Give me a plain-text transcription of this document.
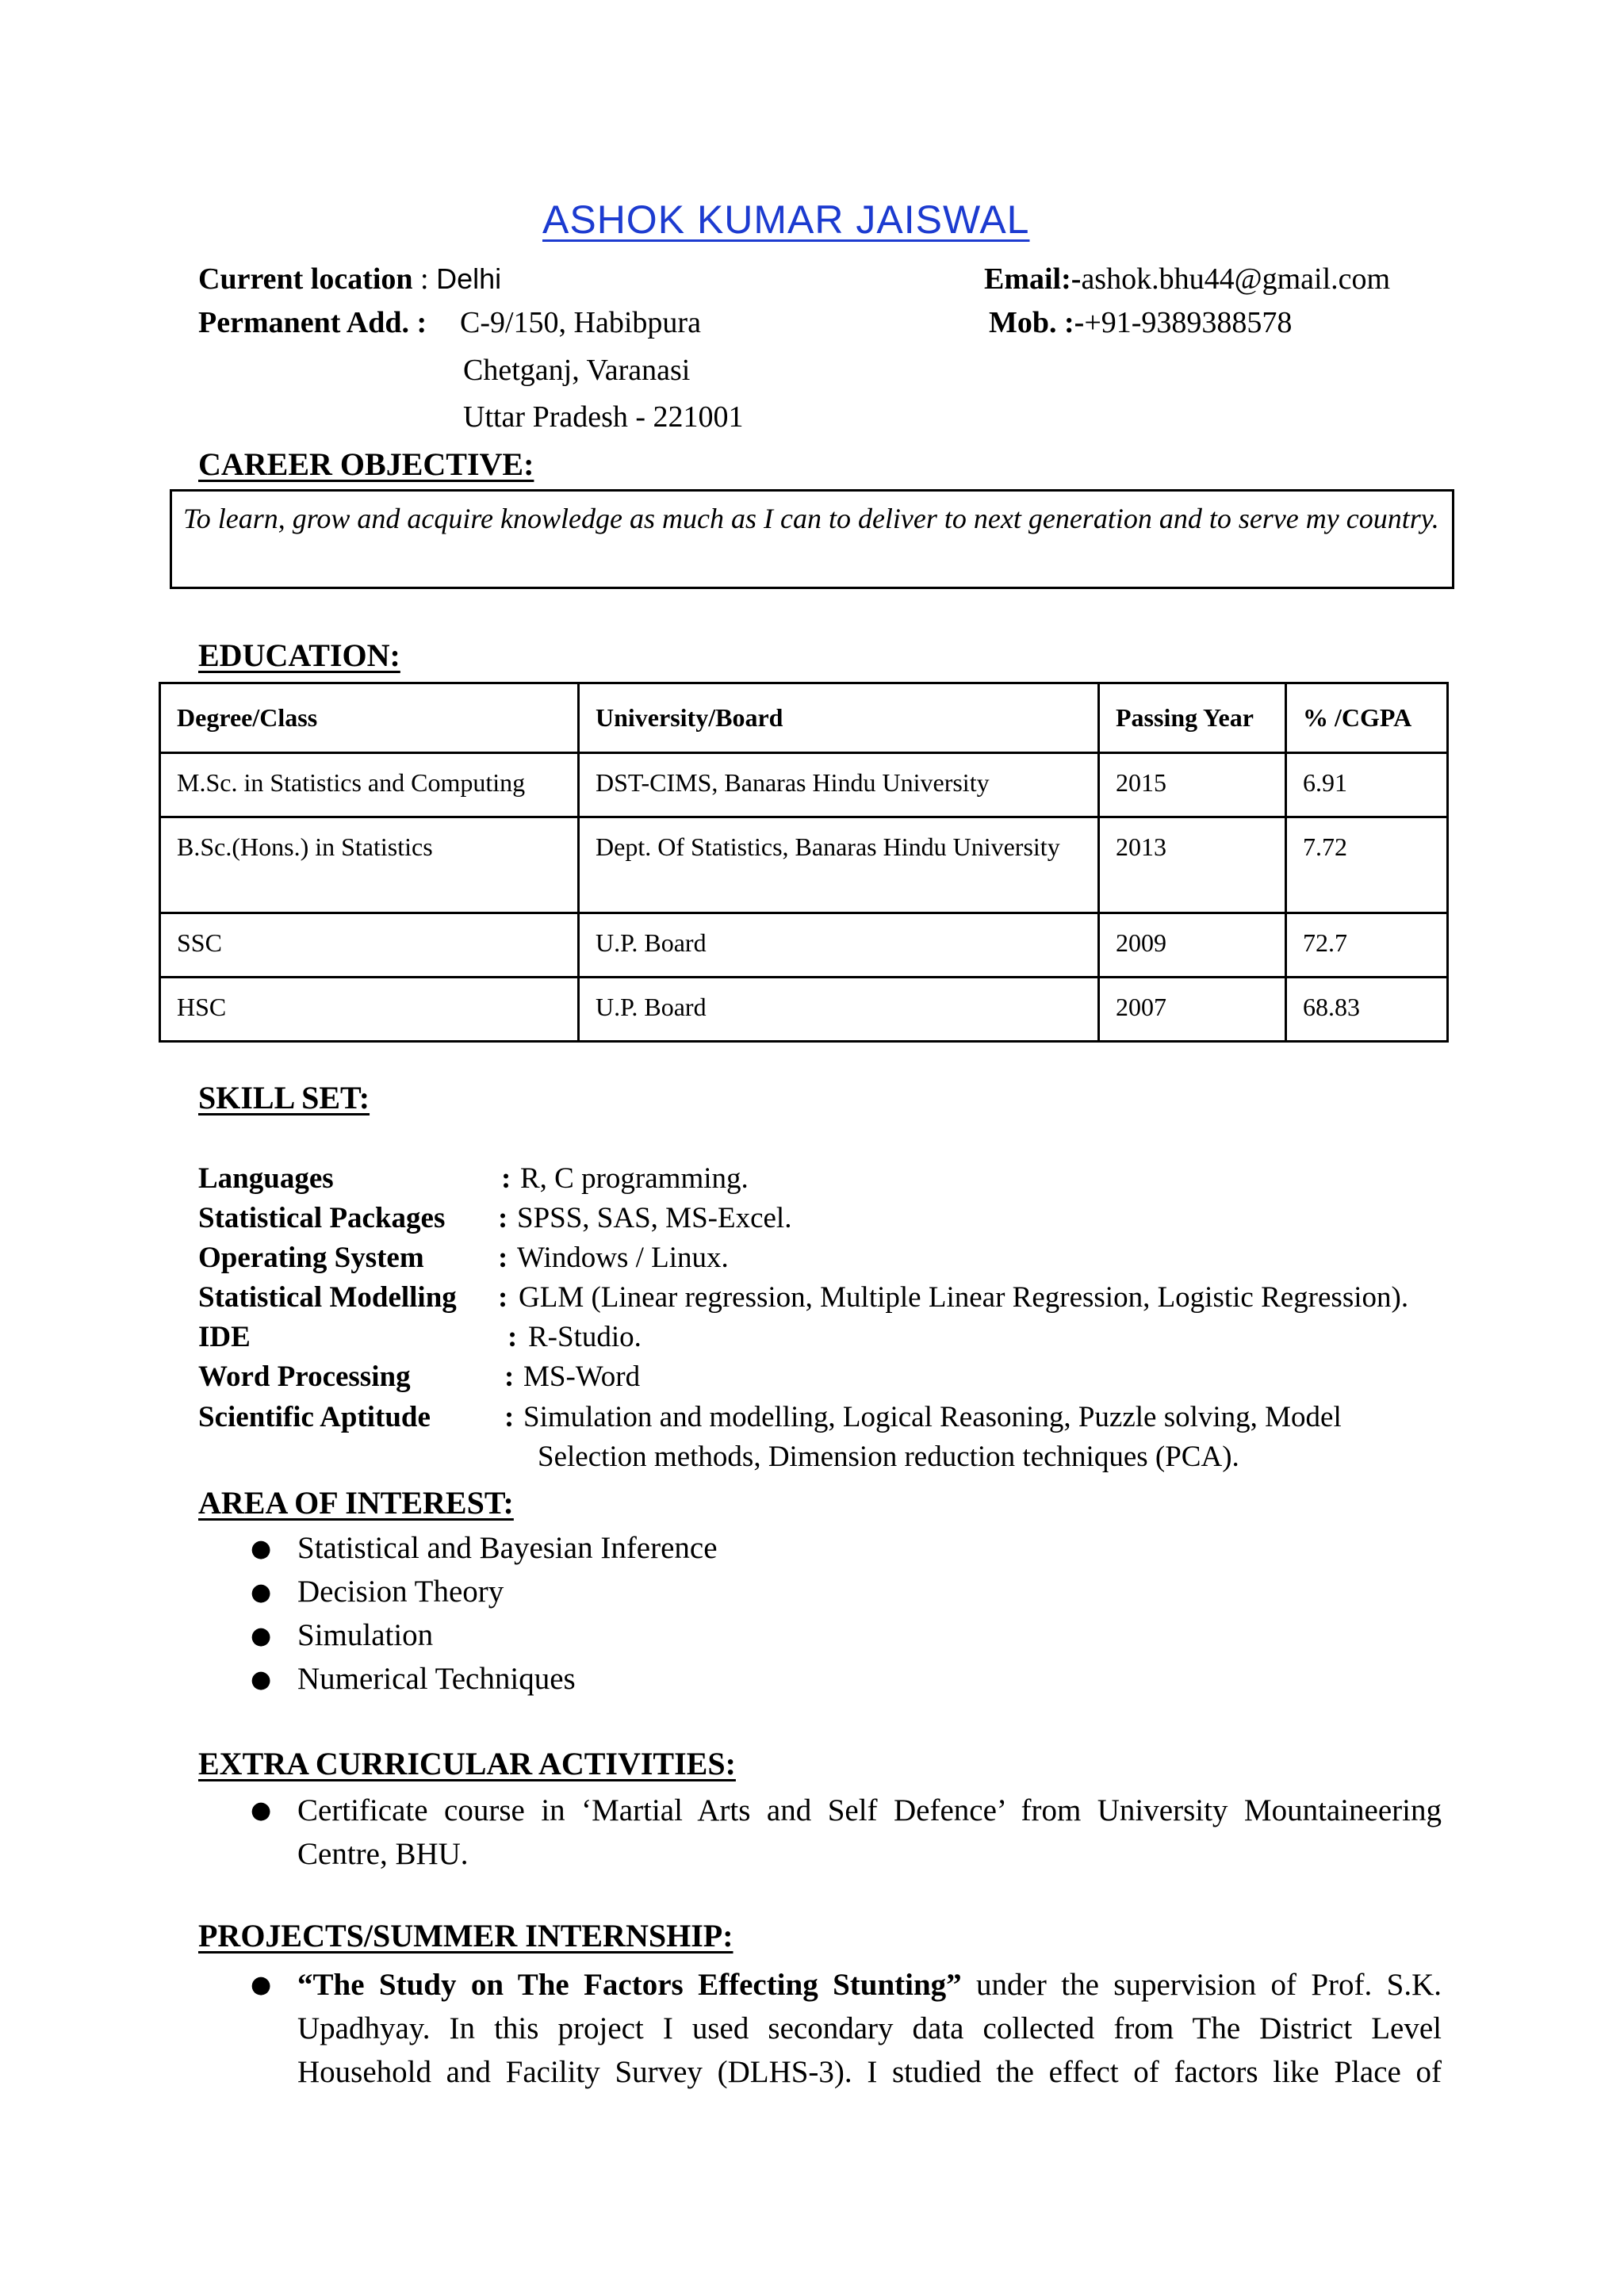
ASHOK KUMAR JAISWAL
Current location : Delhi	Email:-ashok.bhu44@gmail.com
Permanent Add. : C-9/150, Habibpura
Chetganj, Varanasi
Uttar Pradesh - 221001
Mob. :-+91-9389388578
CAREER OBJECTIVE:
To learn, grow and acquire knowledge as much as I can to deliver to next generation and to serve my country.
EDUCATION:
Degree/Class	University/Board	Passing Year	% /CGPA
M.Sc. in Statistics and Computing	DST-CIMS, Banaras Hindu University	2015	6.91
B.Sc.(Hons.) in Statistics	Dept. Of Statistics, Banaras Hindu University	2013	7.72
SSC	U.P. Board	2009	72.7
HSC	U.P. Board	2007	68.83
SKILL SET:
Languages	: R, C programming.
Statistical Packages : SPSS, SAS, MS-Excel.
Operating System	: Windows / Linux.
Statistical Modelling : GLM (Linear regression, Multiple Linear Regression, Logistic Regression).
IDE	: R-Studio.
Word Processing	: MS-Word
Scientific Aptitude	: Simulation and modelling, Logical Reasoning, Puzzle solving, Model
Selection methods, Dimension reduction techniques (PCA).
AREA OF INTEREST:
● Statistical and Bayesian Inference
● Decision Theory
● Simulation
● Numerical Techniques
EXTRA CURRICULAR ACTIVITIES:
● Certificate course in ‘Martial Arts and Self Defence’ from University Mountaineering
Centre, BHU.
PROJECTS/SUMMER INTERNSHIP:
● “The Study on The Factors Effecting Stunting” under the supervision of Prof. S.K.
Upadhyay. In this project I used secondary data collected from The District Level
Household and Facility Survey (DLHS-3). I studied the effect of factors like Place of
